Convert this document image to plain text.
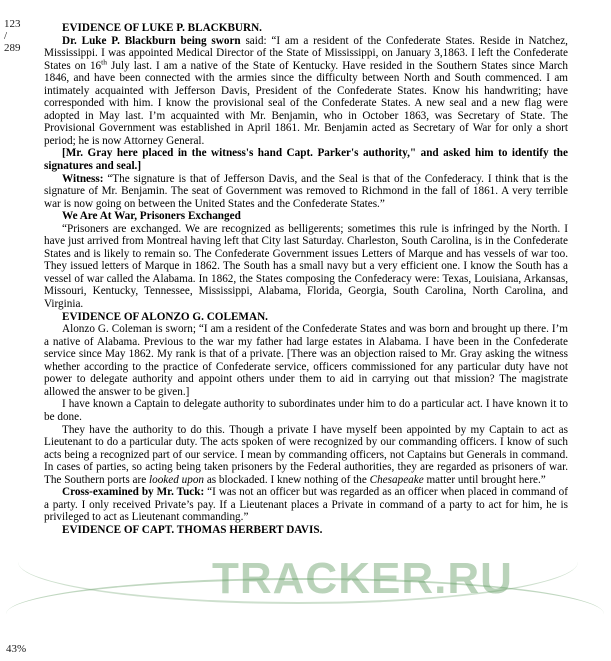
123
/
289
43%

EVIDENCE OF LUKE P. BLACKBURN.

Dr. Luke P. Blackburn being sworn said: “I am a resident of the Confederate States. Reside in Natchez, Mississippi. I was appointed Medical Director of the State of Mississippi, on January 3,1863. I left the Confederate States on 16th July last. I am a native of the State of Kentucky. Have resided in the Southern States since March 1846, and have been connected with the armies since the difficulty between North and South commenced. I am intimately acquainted with Jefferson Davis, President of the Confederate States. Know his handwriting; have corresponded with him. I know the provisional seal of the Confederate States. A new seal and a new flag were adopted in May last. I’m acquainted with Mr. Benjamin, who in October 1863, was Secretary of State. The Provisional Government was established in April 1861. Mr. Benjamin acted as Secretary of War for only a short period; he is now Attorney General.

[Mr. Gray here placed in the witness's hand Capt. Parker's authority," and asked him to identify the signatures and seal.]

Witness: “The signature is that of Jefferson Davis, and the Seal is that of the Confederacy. I think that is the signature of Mr. Benjamin. The seat of Government was removed to Richmond in the fall of 1861. A very terrible war is now going on between the United States and the Confederate States.”

We Are At War, Prisoners Exchanged

“Prisoners are exchanged. We are recognized as belligerents; sometimes this rule is infringed by the North. I have just arrived from Montreal having left that City last Saturday. Charleston, South Carolina, is in the Confederate States and is likely to remain so. The Confederate Government issues Letters of Marque and has vessels of war too. They issued letters of Marque in 1862. The South has a small navy but a very efficient one. I know the South has a vessel of war called the Alabama. In 1862, the States composing the Confederacy were: Texas, Louisiana, Arkansas, Missouri, Kentucky, Tennessee, Mississippi, Alabama, Florida, Georgia, South Carolina, North Carolina, and Virginia.

EVIDENCE OF ALONZO G. COLEMAN.

Alonzo G. Coleman is sworn; “I am a resident of the Confederate States and was born and brought up there. I’m a native of Alabama. Previous to the war my father had large estates in Alabama. I have been in the Confederate service since May 1862. My rank is that of a private. [There was an objection raised to Mr. Gray asking the witness whether according to the practice of Confederate service, officers commissioned for any particular duty have not power to delegate authority and appoint others under them to aid in carrying out that mission? The magistrate allowed the answer to be given.]

I have known a Captain to delegate authority to subordinates under him to do a particular act. I have known it to be done.

They have the authority to do this. Though a private I have myself been appointed by my Captain to act as Lieutenant to do a particular duty. The acts spoken of were recognized by our commanding officers. I know of such acts being a recognized part of our service. I mean by commanding officers, not Captains but Generals in command. In cases of parties, so acting being taken prisoners by the Federal authorities, they are regarded as prisoners of war. The Southern ports are looked upon as blockaded. I knew nothing of the Chesapeake matter until brought here.”

Cross-examined by Mr. Tuck: “I was not an officer but was regarded as an officer when placed in command of a party. I only received Private’s pay. If a Lieutenant places a Private in command of a party to act for him, he is privileged to act as Lieutenant commanding.”

EVIDENCE OF CAPT. THOMAS HERBERT DAVIS.

TRACKER.RU
